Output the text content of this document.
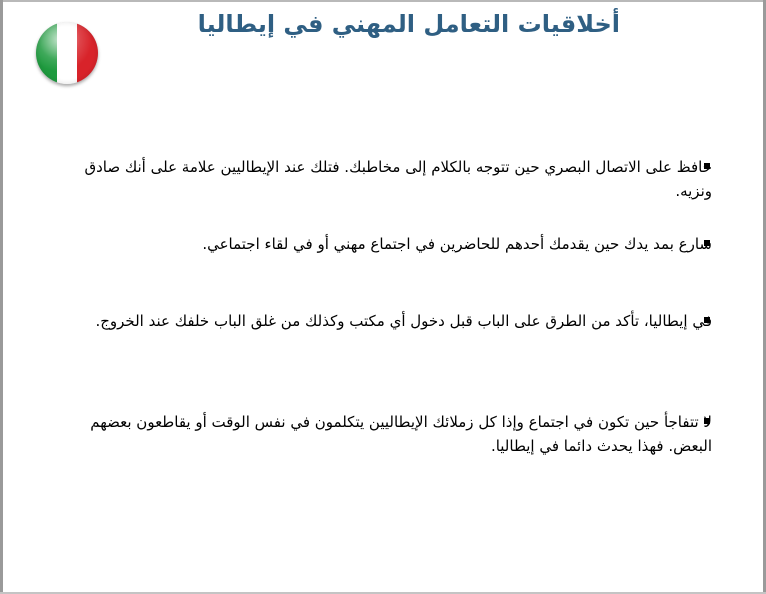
أخلاقيات التعامل المهني في إيطاليا
حافظ على الاتصال البصري حين تتوجه بالكلام إلى مخاطبك. فتلك عند الإيطاليين علامة على أنك صادق ونزيه.
سارع بمد يدك حين يقدمك أحدهم للحاضرين في اجتماع مهني أو في لقاء اجتماعي.
في إيطاليا، تأكد من الطرق على الباب قبل دخول أي مكتب وكذلك من غلق الباب خلفك عند الخروج.
لا تتفاجأ حين تكون في اجتماع وإذا كل زملائك الإيطاليين يتكلمون في نفس الوقت أو يقاطعون بعضهم البعض. فهذا يحدث دائما في إيطاليا.
